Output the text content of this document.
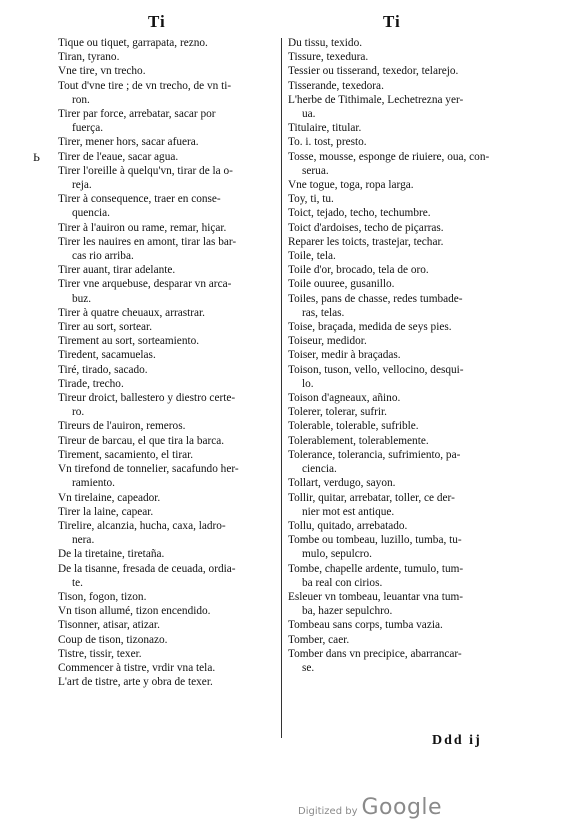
Ti	Ti
Ь
Tique ou tiquet, garrapata, rezno.
Tiran, tyrano.
Vne tire, vn trecho.
Tout d'vne tire ; de vn trecho, de vn ti-
ron.
Tirer par force, arrebatar, sacar por
fuerça.
Tirer, mener hors, sacar afuera.
Tirer de l'eaue, sacar agua.
Tirer l'oreille à quelqu'vn, tirar de la o-
reja.
Tirer à consequence, traer en conse-
quencia.
Tirer à l'auiron ou rame, remar, hiçar.
Tirer les nauires en amont, tirar las bar-
cas rio arriba.
Tirer auant, tirar adelante.
Tirer vne arquebuse, desparar vn arca-
buz.
Tirer à quatre cheuaux, arrastrar.
Tirer au sort, sortear.
Tirement au sort, sorteamiento.
Tiredent, sacamuelas.
Tiré, tirado, sacado.
Tirade, trecho.
Tireur droict, ballestero y diestro certe-
ro.
Tireurs de l'auiron, remeros.
Tireur de barcau, el que tira la barca.
Tirement, sacamiento, el tirar.
Vn tirefond de tonnelier, sacafundo her-
ramiento.
Vn tirelaine, capeador.
Tirer la laine, capear.
Tirelire, alcanzia, hucha, caxa, ladro-
nera.
De la tiretaine, tiretaña.
De la tisanne, fresada de ceuada, ordia-
te.
Tison, fogon, tizon.
Vn tison allumé, tizon encendido.
Tisonner, atisar, atizar.
Coup de tison, tizonazo.
Tistre, tissir, texer.
Commencer à tistre, vrdir vna tela.
L'art de tistre, arte y obra de texer.
Du tissu, texido.
Tissure, texedura.
Tessier ou tisserand, texedor, telarejo.
Tisserande, texedora.
L'herbe de Tithimale, Lechetrezna yer-
ua.
Titulaire, titular.
To. i. tost, presto.
Tosse, mousse, esponge de riuiere, oua, con-
serua.
Vne togue, toga, ropa larga.
Toy, ti, tu.
Toict, tejado, techo, techumbre.
Toict d'ardoises, techo de piçarras.
Reparer les toicts, trastejar, techar.
Toile, tela.
Toile d'or, brocado, tela de oro.
Toile ouuree, gusanillo.
Toiles, pans de chasse, redes tumbade-
ras, telas.
Toise, braçada, medida de seys pies.
Toiseur, medidor.
Toiser, medir à braçadas.
Toison, tuson, vello, vellocino, desqui-
lo.
Toison d'agneaux, añino.
Tolerer, tolerar, sufrir.
Tolerable, tolerable, sufrible.
Tolerablement, tolerablemente.
Tolerance, tolerancia, sufrimiento, pa-
ciencia.
Tollart, verdugo, sayon.
Tollir, quitar, arrebatar, toller, ce der-
nier mot est antique.
Tollu, quitado, arrebatado.
Tombe ou tombeau, luzillo, tumba, tu-
mulo, sepulcro.
Tombe, chapelle ardente, tumulo, tum-
ba real con cirios.
Esleuer vn tombeau, leuantar vna tum-
ba, hazer sepulchro.
Tombeau sans corps, tumba vazia.
Tomber, caer.
Tomber dans vn precipice, abarrancar-
se.
Ddd ij
Digitized by Google
